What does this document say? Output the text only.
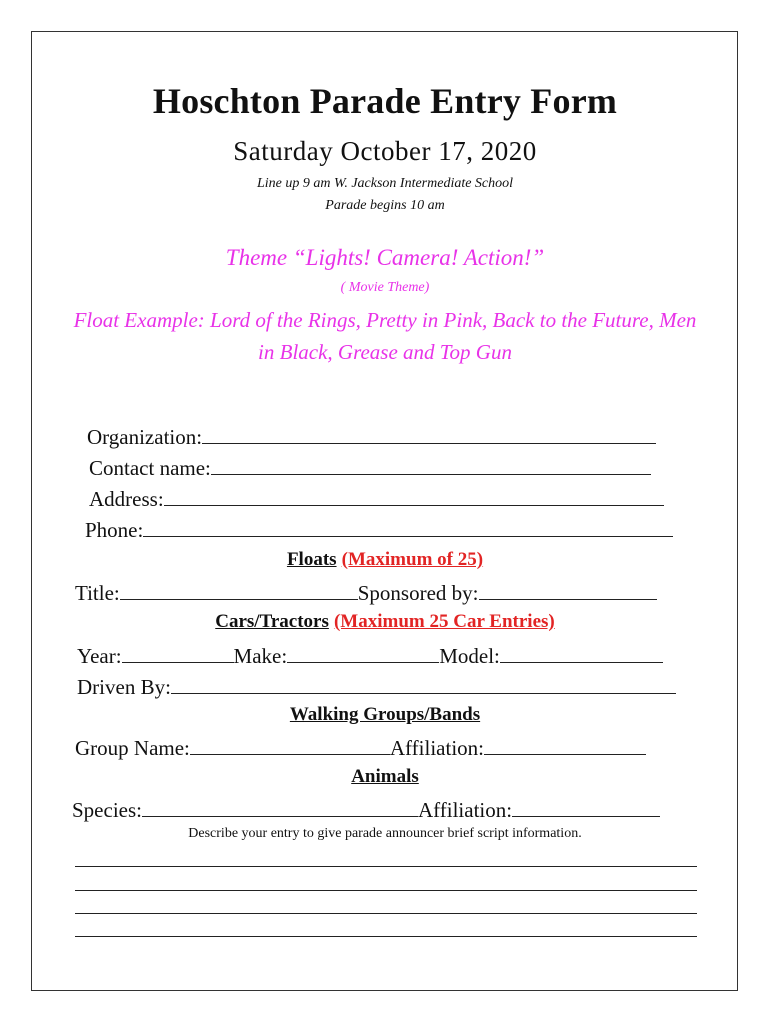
Hoschton Parade Entry Form
Saturday October 17, 2020
Line up 9 am W. Jackson Intermediate School
Parade begins 10 am
Theme “Lights! Camera! Action!”
( Movie Theme)
Float Example: Lord of the Rings, Pretty in Pink, Back to the Future, Men in Black, Grease and Top Gun
Organization:
Contact name:
Address:
Phone:
Floats (Maximum of 25)
Title:	Sponsored by:
Cars/Tractors (Maximum 25 Car Entries)
Year:	Make:	Model:
Driven By:
Walking Groups/Bands
Group Name:	Affiliation:
Animals
Species:	Affiliation:
Describe your entry to give parade announcer brief script information.
